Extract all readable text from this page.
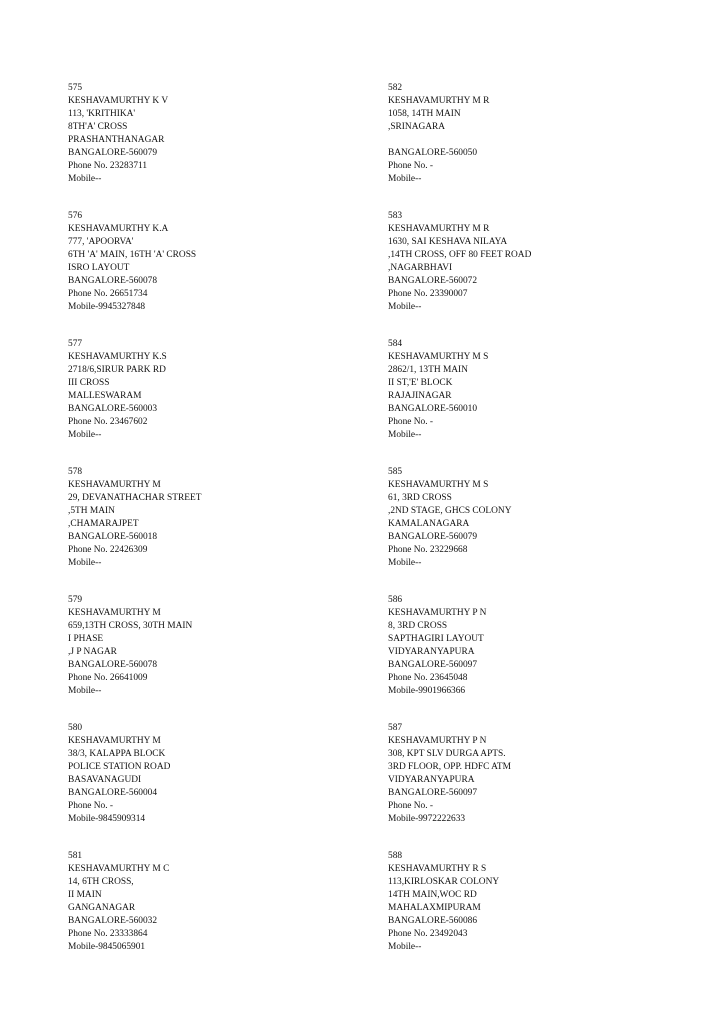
575
KESHAVAMURTHY K V
113, 'KRITHIKA'
8TH'A' CROSS
PRASHANTHANAGAR
BANGALORE-560079
Phone No. 23283711
Mobile--
576
KESHAVAMURTHY K.A
777, 'APOORVA'
6TH 'A' MAIN, 16TH 'A' CROSS
ISRO LAYOUT
BANGALORE-560078
Phone No. 26651734
Mobile-9945327848
577
KESHAVAMURTHY K.S
2718/6,SIRUR PARK RD
III CROSS
MALLESWARAM
BANGALORE-560003
Phone No. 23467602
Mobile--
578
KESHAVAMURTHY M
29, DEVANATHACHAR STREET
,5TH MAIN
,CHAMARAJPET
BANGALORE-560018
Phone No. 22426309
Mobile--
579
KESHAVAMURTHY M
659,13TH CROSS, 30TH MAIN
I PHASE
,J P NAGAR
BANGALORE-560078
Phone No. 26641009
Mobile--
580
KESHAVAMURTHY M
38/3, KALAPPA BLOCK
POLICE STATION ROAD
BASAVANAGUDI
BANGALORE-560004
Phone No. -
Mobile-9845909314
581
KESHAVAMURTHY M C
14, 6TH CROSS,
II MAIN
GANGANAGAR
BANGALORE-560032
Phone No. 23333864
Mobile-9845065901
582
KESHAVAMURTHY M R
1058, 14TH MAIN
,SRINAGARA
BANGALORE-560050
Phone No. -
Mobile--
583
KESHAVAMURTHY M R
1630, SAI KESHAVA NILAYA
,14TH CROSS, OFF 80 FEET ROAD
,NAGARBHAVI
BANGALORE-560072
Phone No. 23390007
Mobile--
584
KESHAVAMURTHY M S
2862/1, 13TH MAIN
II ST,'E' BLOCK
RAJAJINAGAR
BANGALORE-560010
Phone No. -
Mobile--
585
KESHAVAMURTHY M S
61, 3RD CROSS
,2ND STAGE, GHCS COLONY
KAMALANAGARA
BANGALORE-560079
Phone No. 23229668
Mobile--
586
KESHAVAMURTHY P N
8, 3RD CROSS
SAPTHAGIRI LAYOUT
VIDYARANYAPURA
BANGALORE-560097
Phone No. 23645048
Mobile-9901966366
587
KESHAVAMURTHY P N
308, KPT SLV DURGA APTS.
3RD FLOOR, OPP. HDFC ATM
VIDYARANYAPURA
BANGALORE-560097
Phone No. -
Mobile-9972222633
588
KESHAVAMURTHY R S
113,KIRLOSKAR COLONY
14TH MAIN,WOC RD
MAHALAXMIPURAM
BANGALORE-560086
Phone No. 23492043
Mobile--
